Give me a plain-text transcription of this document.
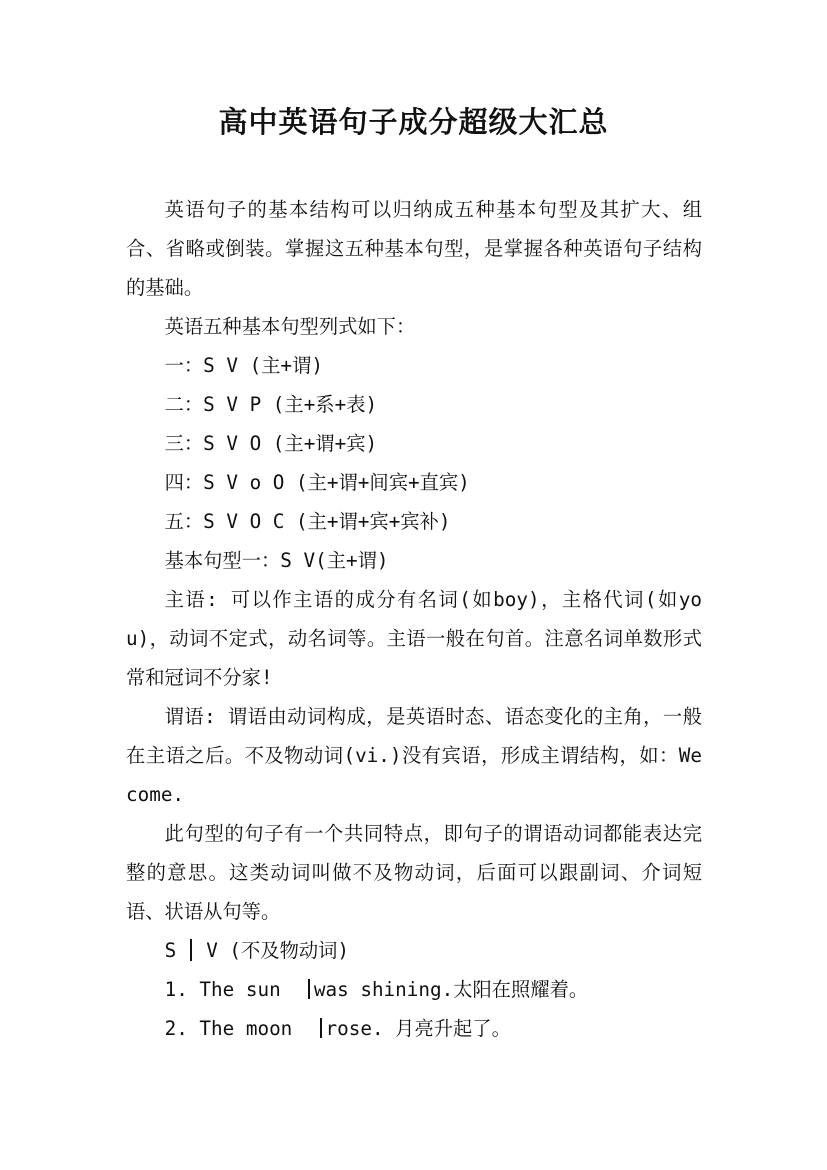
高中英语句子成分超级大汇总

英语句子的基本结构可以归纳成五种基本句型及其扩大、组合、省略或倒装。掌握这五种基本句型，是掌握各种英语句子结构的基础。

英语五种基本句型列式如下：

一：S V (主+谓)

二：S V P (主+系+表)

三：S V O (主+谓+宾)

四：S V o O (主+谓+间宾+直宾)

五：S V O C (主+谓+宾+宾补)

基本句型一：S V(主+谓)

主语: 可以作主语的成分有名词(如boy)，主格代词(如you)，动词不定式，动名词等。主语一般在句首。注意名词单数形式常和冠词不分家!

谓语: 谓语由动词构成，是英语时态、语态变化的主角，一般在主语之后。不及物动词(vi.)没有宾语，形成主谓结构，如：We come.

此句型的句子有一个共同特点，即句子的谓语动词都能表达完整的意思。这类动词叫做不及物动词，后面可以跟副词、介词短语、状语从句等。

S V (不及物动词)

1. The sun was shining.太阳在照耀着。

2. The moon rose. 月亮升起了。
